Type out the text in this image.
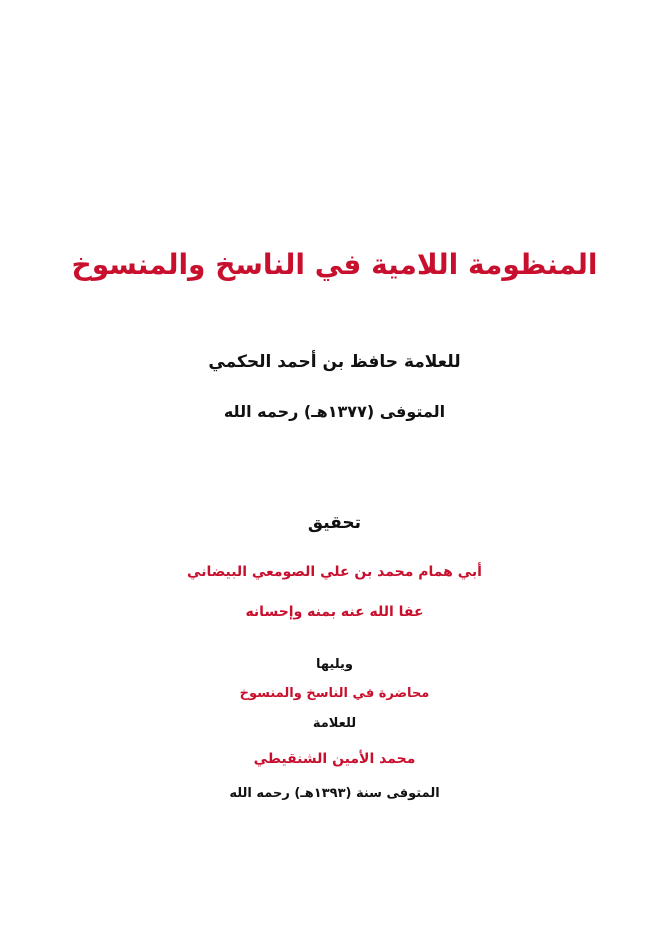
المنظومة اللامية في الناسخ والمنسوخ
للعلامة حافظ بن أحمد الحكمي
المتوفى (١٣٧٧هـ) رحمه الله
تحقيق
أبي همام محمد بن علي الصومعي البيضاني
عفا الله عنه بمنه وإحسانه
ويليها
محاضرة في الناسخ والمنسوخ
للعلامة
محمد الأمين الشنقيطي
المتوفى سنة (١٣٩٣هـ) رحمه الله
